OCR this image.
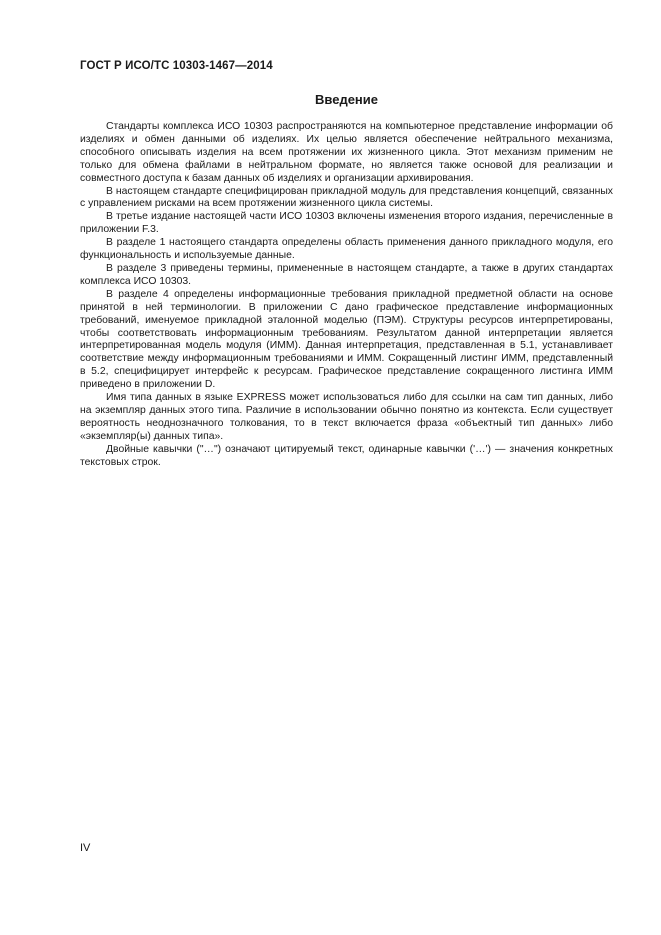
ГОСТ Р ИСО/ТС 10303-1467—2014
Введение

Стандарты комплекса ИСО 10303 распространяются на компьютерное представление информации об изделиях и обмен данными об изделиях. Их целью является обеспечение нейтрального механизма, способного описывать изделия на всем протяжении их жизненного цикла. Этот механизм применим не только для обмена файлами в нейтральном формате, но является также основой для реализации и совместного доступа к базам данных об изделиях и организации архивирования.

В настоящем стандарте специфицирован прикладной модуль для представления концепций, связанных с управлением рисками на всем протяжении жизненного цикла системы.

В третье издание настоящей части ИСО 10303 включены изменения второго издания, перечисленные в приложении F.3.

В разделе 1 настоящего стандарта определены область применения данного прикладного модуля, его функциональность и используемые данные.

В разделе 3 приведены термины, примененные в настоящем стандарте, а также в других стандартах комплекса ИСО 10303.

В разделе 4 определены информационные требования прикладной предметной области на основе принятой в ней терминологии. В приложении С дано графическое представление информационных требований, именуемое прикладной эталонной моделью (ПЭМ). Структуры ресурсов интерпретированы, чтобы соответствовать информационным требованиям. Результатом данной интерпретации является интерпретированная модель модуля (ИММ). Данная интерпретация, представленная в 5.1, устанавливает соответствие между информационным требованиями и ИММ. Сокращенный листинг ИММ, представленный в 5.2, специфицирует интерфейс к ресурсам. Графическое представление сокращенного листинга ИММ приведено в приложении D.

Имя типа данных в языке EXPRESS может использоваться либо для ссылки на сам тип данных, либо на экземпляр данных этого типа. Различие в использовании обычно понятно из контекста. Если существует вероятность неоднозначного толкования, то в текст включается фраза «объектный тип данных» либо «экземпляр(ы) данных типа».

Двойные кавычки ("…") означают цитируемый текст, одинарные кавычки ('…') — значения конкретных текстовых строк.

IV
